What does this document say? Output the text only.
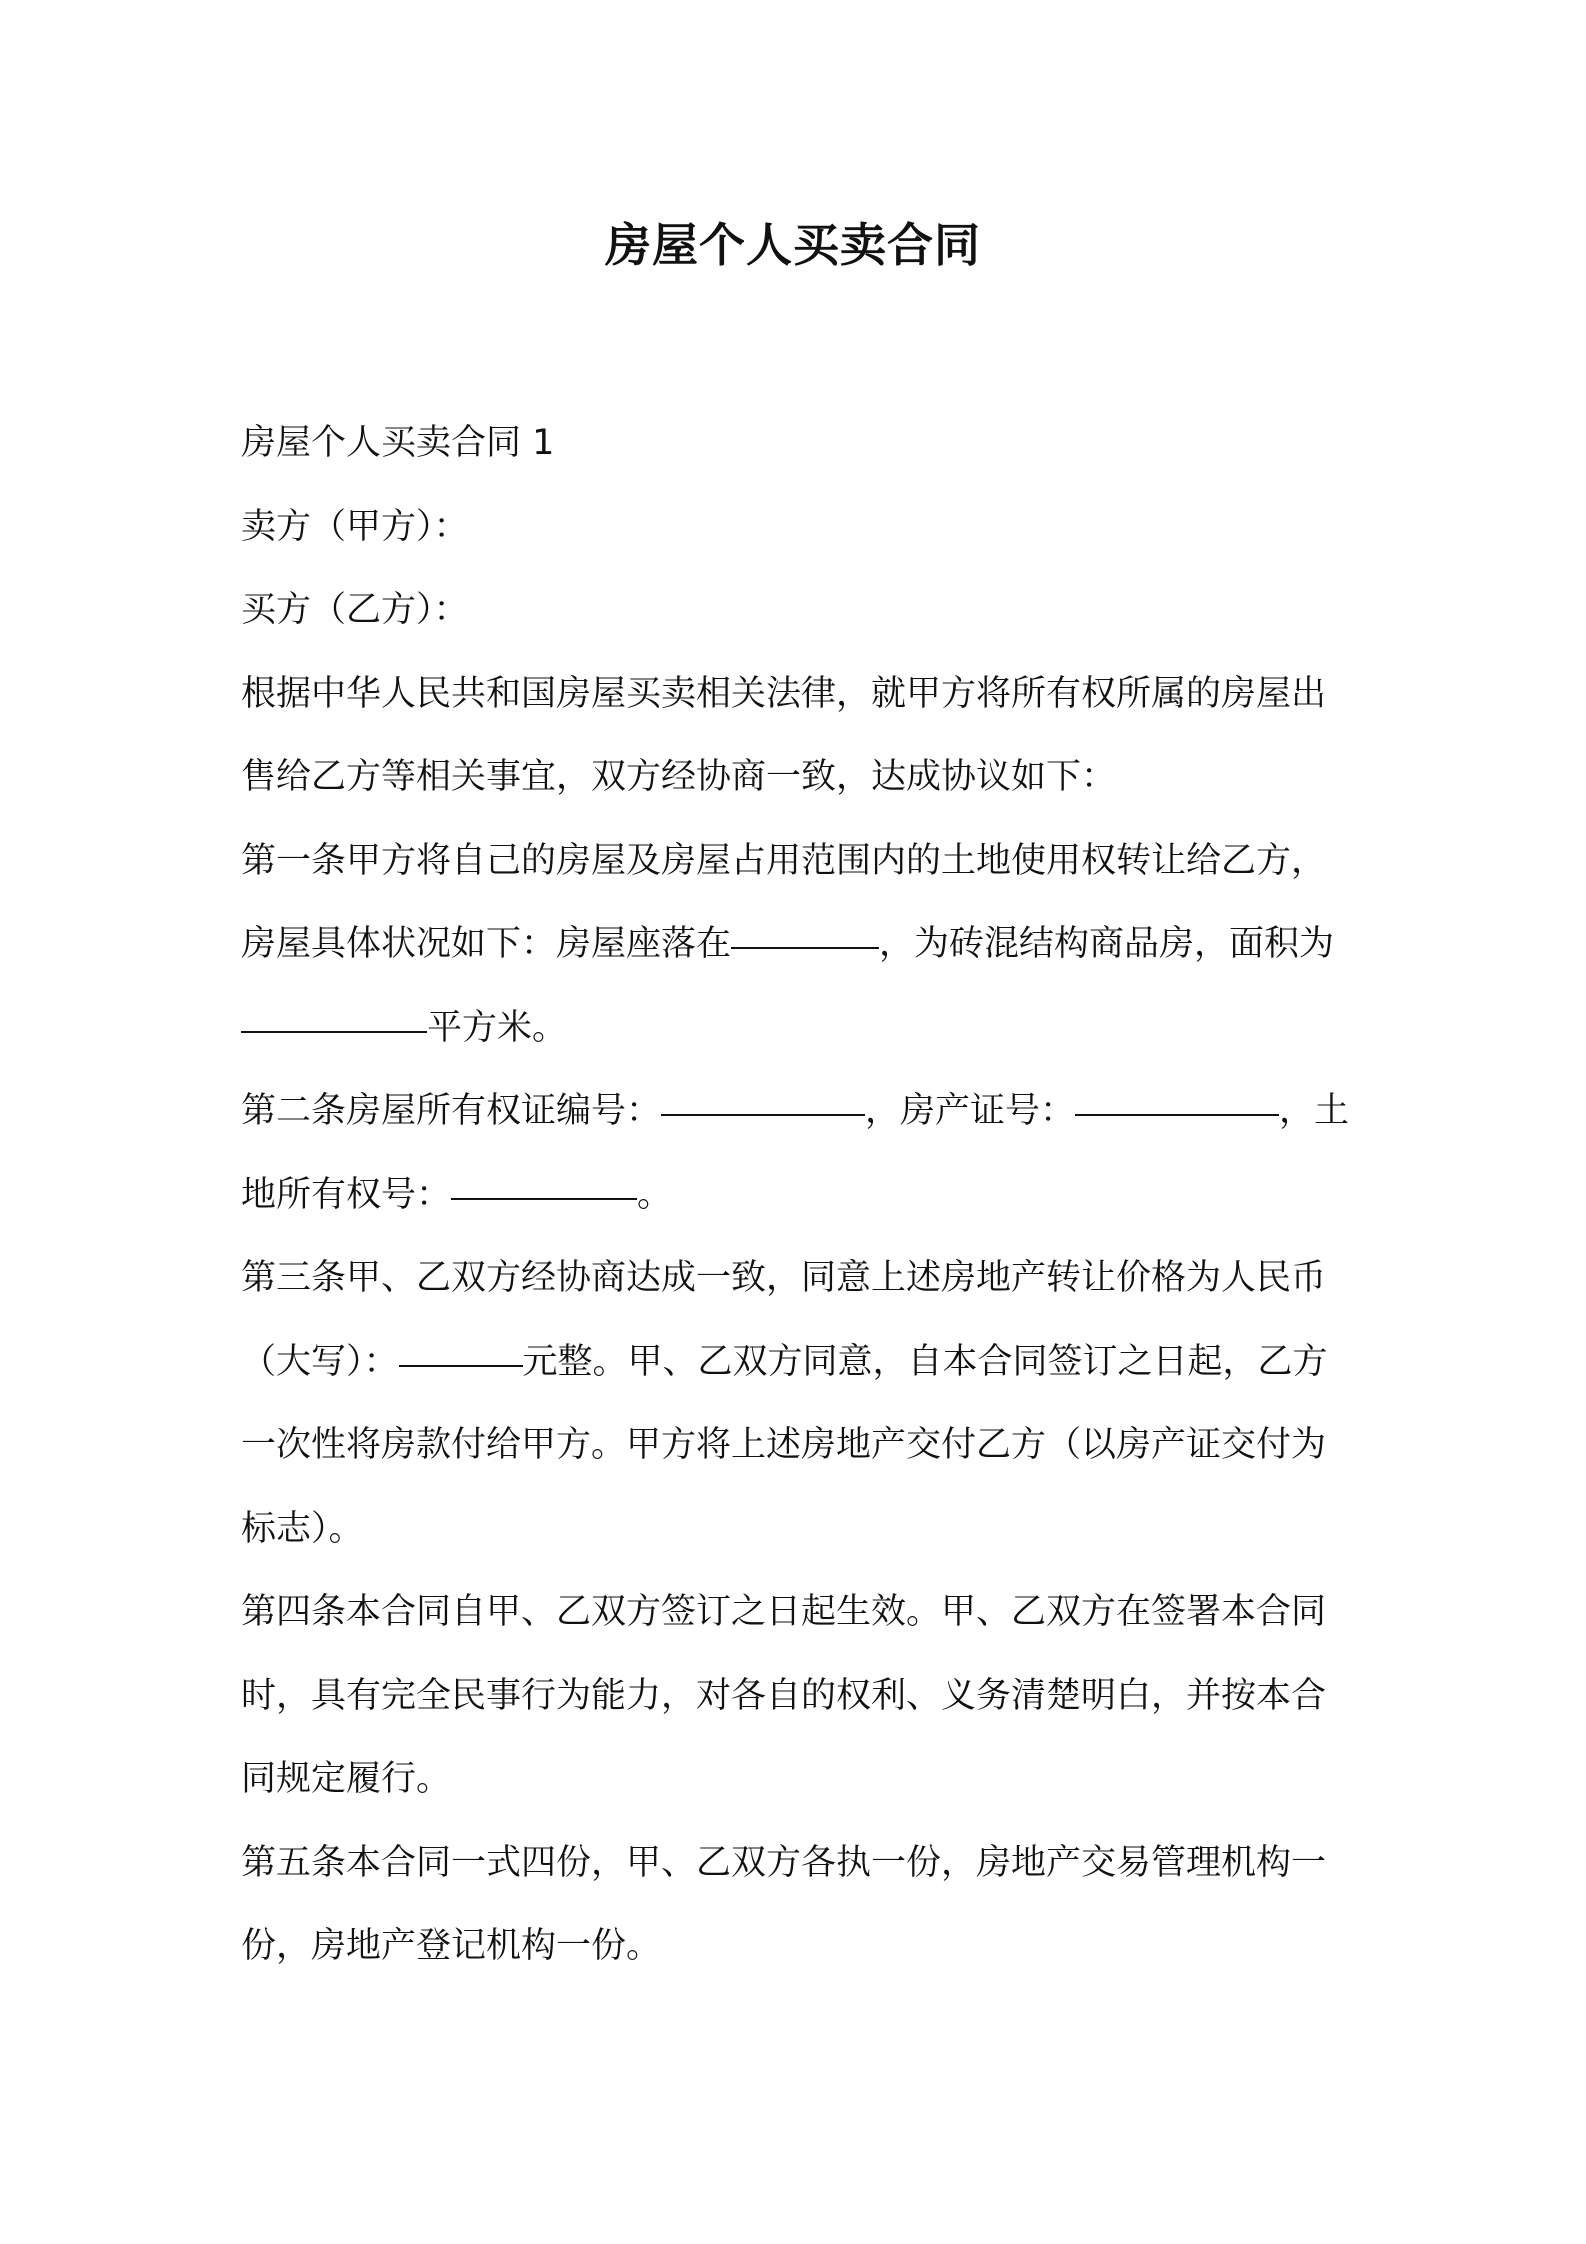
房屋个人买卖合同

房屋个人买卖合同 1

卖方（甲方）：

买方（乙方）：

根据中华人民共和国房屋买卖相关法律，就甲方将所有权所属的房屋出售给乙方等相关事宜，双方经协商一致，达成协议如下：

第一条甲方将自己的房屋及房屋占用范围内的土地使用权转让给乙方，房屋具体状况如下：房屋座落在	，为砖混结构商品房，面积为平方米。

第二条房屋所有权证编号：	，房产证号：	，土地所有权号：	。

第三条甲、乙双方经协商达成一致，同意上述房地产转让价格为人民币（大写）：	元整。甲、乙双方同意，自本合同签订之日起，乙方一次性将房款付给甲方。甲方将上述房地产交付乙方（以房产证交付为标志）。

第四条本合同自甲、乙双方签订之日起生效。甲、乙双方在签署本合同时，具有完全民事行为能力，对各自的权利、义务清楚明白，并按本合同规定履行。

第五条本合同一式四份，甲、乙双方各执一份，房地产交易管理机构一份，房地产登记机构一份。
